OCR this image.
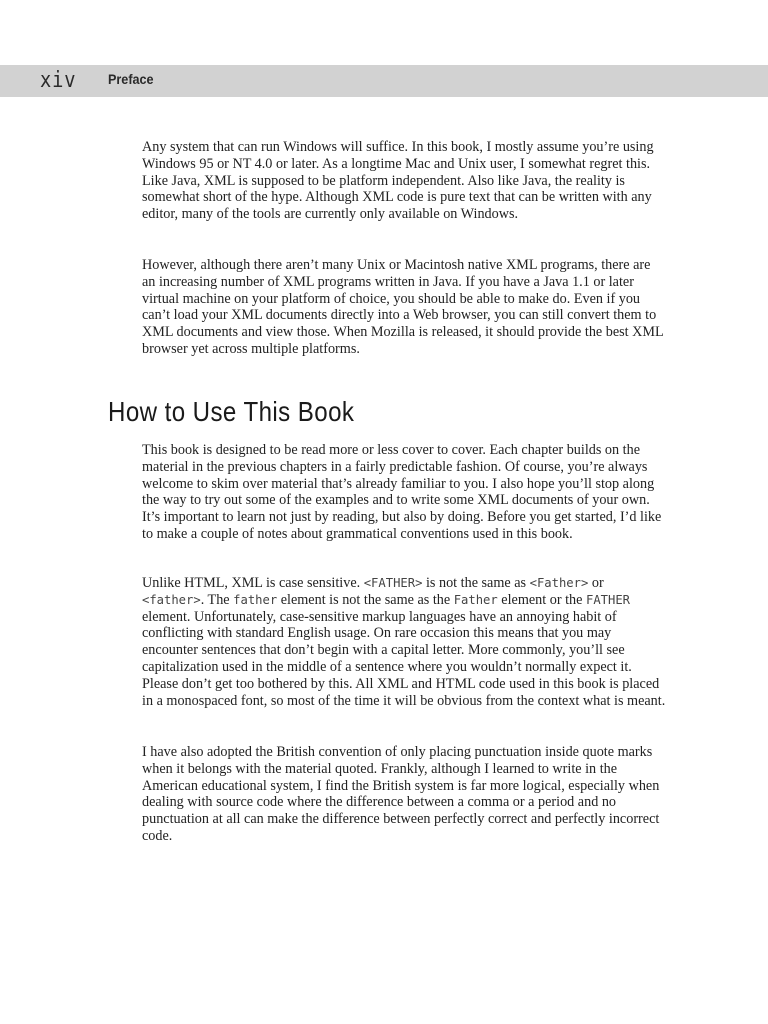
xiv Preface

Any system that can run Windows will suffice. In this book, I mostly assume you’re using Windows 95 or NT 4.0 or later. As a longtime Mac and Unix user, I somewhat regret this. Like Java, XML is supposed to be platform independent. Also like Java, the reality is somewhat short of the hype. Although XML code is pure text that can be written with any editor, many of the tools are currently only available on Windows.

However, although there aren’t many Unix or Macintosh native XML programs, there are an increasing number of XML programs written in Java. If you have a Java 1.1 or later virtual machine on your platform of choice, you should be able to make do. Even if you can’t load your XML documents directly into a Web browser, you can still convert them to XML documents and view those. When Mozilla is released, it should provide the best XML browser yet across multiple platforms.

How to Use This Book

This book is designed to be read more or less cover to cover. Each chapter builds on the material in the previous chapters in a fairly predictable fashion. Of course, you’re always welcome to skim over material that’s already familiar to you. I also hope you’ll stop along the way to try out some of the examples and to write some XML documents of your own. It’s important to learn not just by reading, but also by doing. Before you get started, I’d like to make a couple of notes about grammatical conventions used in this book.

Unlike HTML, XML is case sensitive. <FATHER> is not the same as <Father> or <father>. The father element is not the same as the Father element or the FATHER element. Unfortunately, case-sensitive markup languages have an annoying habit of conflicting with standard English usage. On rare occasion this means that you may encounter sentences that don’t begin with a capital letter. More commonly, you’ll see capitalization used in the middle of a sentence where you wouldn’t normally expect it. Please don’t get too bothered by this. All XML and HTML code used in this book is placed in a monospaced font, so most of the time it will be obvious from the context what is meant.

I have also adopted the British convention of only placing punctuation inside quote marks when it belongs with the material quoted. Frankly, although I learned to write in the American educational system, I find the British system is far more logical, especially when dealing with source code where the difference between a comma or a period and no punctuation at all can make the difference between perfectly correct and perfectly incorrect code.
